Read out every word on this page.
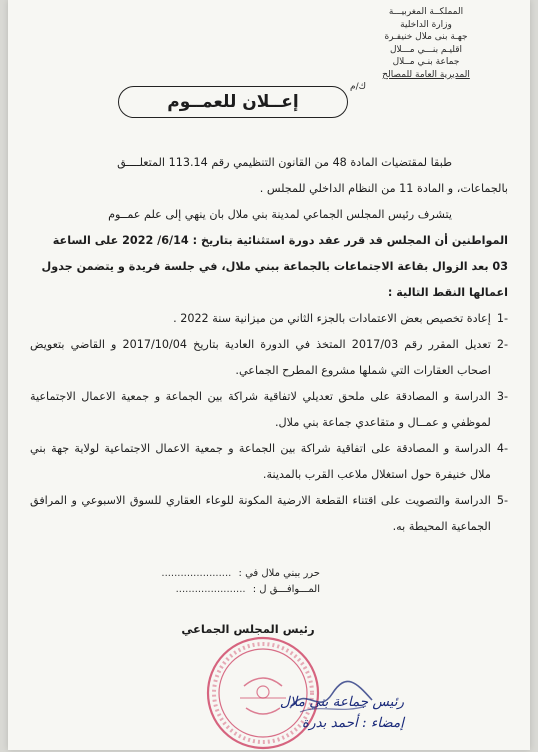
المملكــة المغربيـــة
وزارة الداخلية
جهـة بنى ملال خنيفـرة
اقليـم بنـــي مـــلال
جماعة بنـي مــلال
المديرية العامة للمصالح
ك/م
إعــلان للعمــوم

طبقا لمقتضيات المادة 48 من القانون التنظيمي رقم 113.14 المتعلــــق

بالجماعات، و المادة 11 من النظام الداخلي للمجلس .

يتشرف رئيس المجلس الجماعي لمدينة بني ملال بان ينهي إلى علم عمــوم

المواطنين أن المجلس قد قرر عقد دورة استثنائية بتاريخ : 6/14/ 2022 على الساعة

03 بعد الزوال بقاعة الاجتماعات بالجماعة ببني ملال، في جلسة فريدة و يتضمن جدول

اعمالها النقط التالية :

-1
إعادة تخصيص بعض الاعتمادات بالجزء الثاني من ميزانية سنة 2022 .
-2
تعديل المقرر رقم 2017/03 المتخذ في الدورة العادية بتاريخ 2017/10/04 و القاضي بتعويض اصحاب العقارات التي شملها مشروع المطرح الجماعي.
-3
الدراسة و المصادقة على ملحق تعديلي لاتفاقية شراكة بين الجماعة و جمعية الاعمال الاجتماعية لموظفي و عمــال و متقاعدي جماعة بني ملال.
-4
الدراسة و المصادقة على اتفاقية شراكة بين الجماعة و جمعية الاعمال الاجتماعية لولاية جهة بني ملال خنيفرة حول استغلال ملاعب القرب بالمدينة.
-5
الدراسة والتصويت على اقتناء القطعة الارضية المكونة للوعاء العقاري للسوق الاسبوعي و المرافق الجماعية المحيطة به.
حرر ببني ملال في : ......................
المـــوافـــق ل : ......................
رئيس المجلس الجماعي
رئيس جماعة بني ملال
إمضاء : أحمد بدرة
